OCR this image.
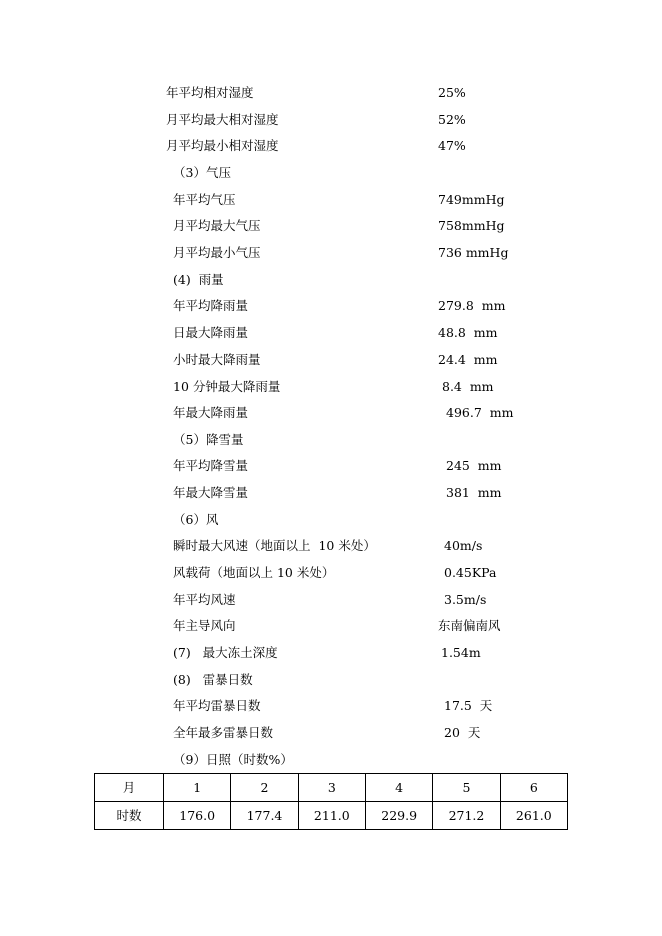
年平均相对湿度	25%
月平均最大相对湿度	52%
月平均最小相对湿度	47%
（3）气压
年平均气压	749mmHg
月平均最大气压	758mmHg
月平均最小气压	736 mmHg
(4)  雨量
年平均降雨量	279.8  mm
日最大降雨量	48.8  mm
小时最大降雨量	24.4  mm
10 分钟最大降雨量	8.4  mm
年最大降雨量	496.7  mm
（5）降雪量
年平均降雪量	245  mm
年最大降雪量	381  mm
（6）风
瞬时最大风速（地面以上  10 米处）	40m/s
风载荷（地面以上 10 米处）	0.45KPa
年平均风速	3.5m/s
年主导风向	东南偏南风
(7)   最大冻土深度	1.54m
(8)   雷暴日数
年平均雷暴日数	17.5  天
全年最多雷暴日数	20  天
（9）日照（时数%）
月	1	2	3	4	5	6
时数	176.0	177.4	211.0	229.9	271.2	261.0
